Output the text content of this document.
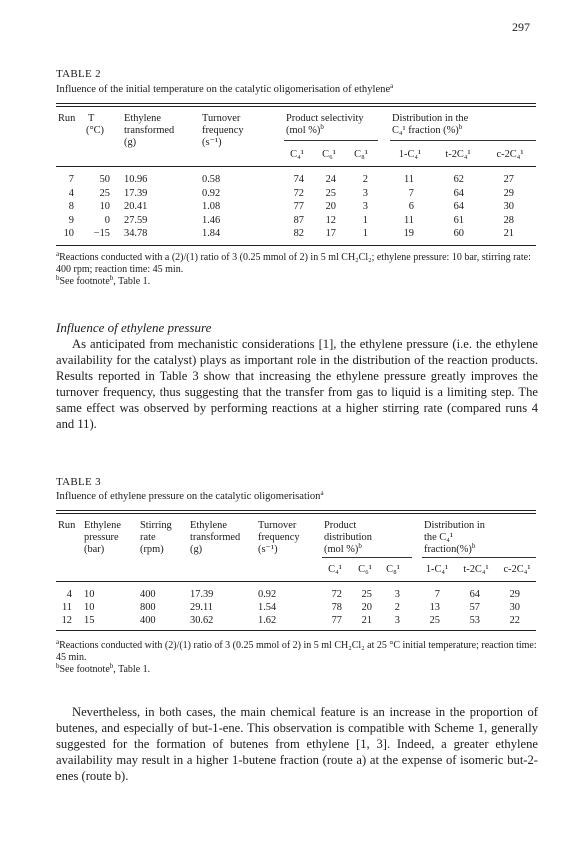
297
TABLE 2
Influence of the initial temperature on the catalytic oligomerisation of ethylene$^a$
Run T
(°C)
Ethylene
transformed
(g)
Turnover
frequency
(s⁻¹)
Product selectivity
(mol %)$^b$
Distribution in the
C₄¹ fraction (%)$^b$
C₄¹	C₆¹	C₈¹	1-C₄¹	t-2C₄¹	c-2C₄¹
7	50 10.96	0.58	74	24	2	11	62	27
4	25 17.39	0.92	72	25	3	7	64	29
8	10 20.41	1.08	77	20	3	6	64	30
9	0 27.59	1.46	87	12	1	11	61	28
10	−15 34.78	1.84	82	17	1	19	60	21
$^a$Reactions conducted with a (2)/(1) ratio of 3 (0.25 mmol of 2) in 5 ml CH₂Cl₂; ethylene pressure: 10 bar, stirring rate: 400 rpm; reaction time: 45 min.
$^b$See footnote$^b$, Table 1.
Influence of ethylene pressure
As anticipated from mechanistic considerations [1], the ethylene pressure (i.e. the ethylene availability for the catalyst) plays as important role in the distribution of the reaction products. Results reported in Table 3 show that increasing the ethylene pressure greatly improves the turnover frequency, thus suggesting that the transfer from gas to liquid is a limiting step. The same effect was observed by performing reactions at a higher stirring rate (compared runs 4 and 11).
TABLE 3
Influence of ethylene pressure on the catalytic oligomerisation$^a$
Run Ethylene
pressure
(bar)
Stirring
rate
(rpm)
Ethylene
transformed
(g)
Turnover
frequency
(s⁻¹)
Product
distribution
(mol %)$^b$
Distribution in
the C₄¹
fraction(%)$^b$
C₄¹	C₆¹	C₈¹	1-C₄¹	t-2C₄¹	c-2C₄¹
4 10	400	17.39	0.92	72	25	3	7	64	29
11 10	800	29.11	1.54	78	20	2	13	57	30
12 15	400	30.62	1.62	77	21	3	25	53	22
$^a$Reactions conducted with (2)/(1) ratio of 3 (0.25 mmol of 2) in 5 ml CH₂Cl₂ at 25 °C initial temperature; reaction time: 45 min.
$^b$See footnote$^b$, Table 1.
Nevertheless, in both cases, the main chemical feature is an increase in the proportion of butenes, and especially of but-1-ene. This observation is compatible with Scheme 1, generally suggested for the formation of butenes from ethylene [1, 3]. Indeed, a greater ethylene availability may result in a higher 1-butene fraction (route a) at the expense of isomeric but-2-enes (route b).
